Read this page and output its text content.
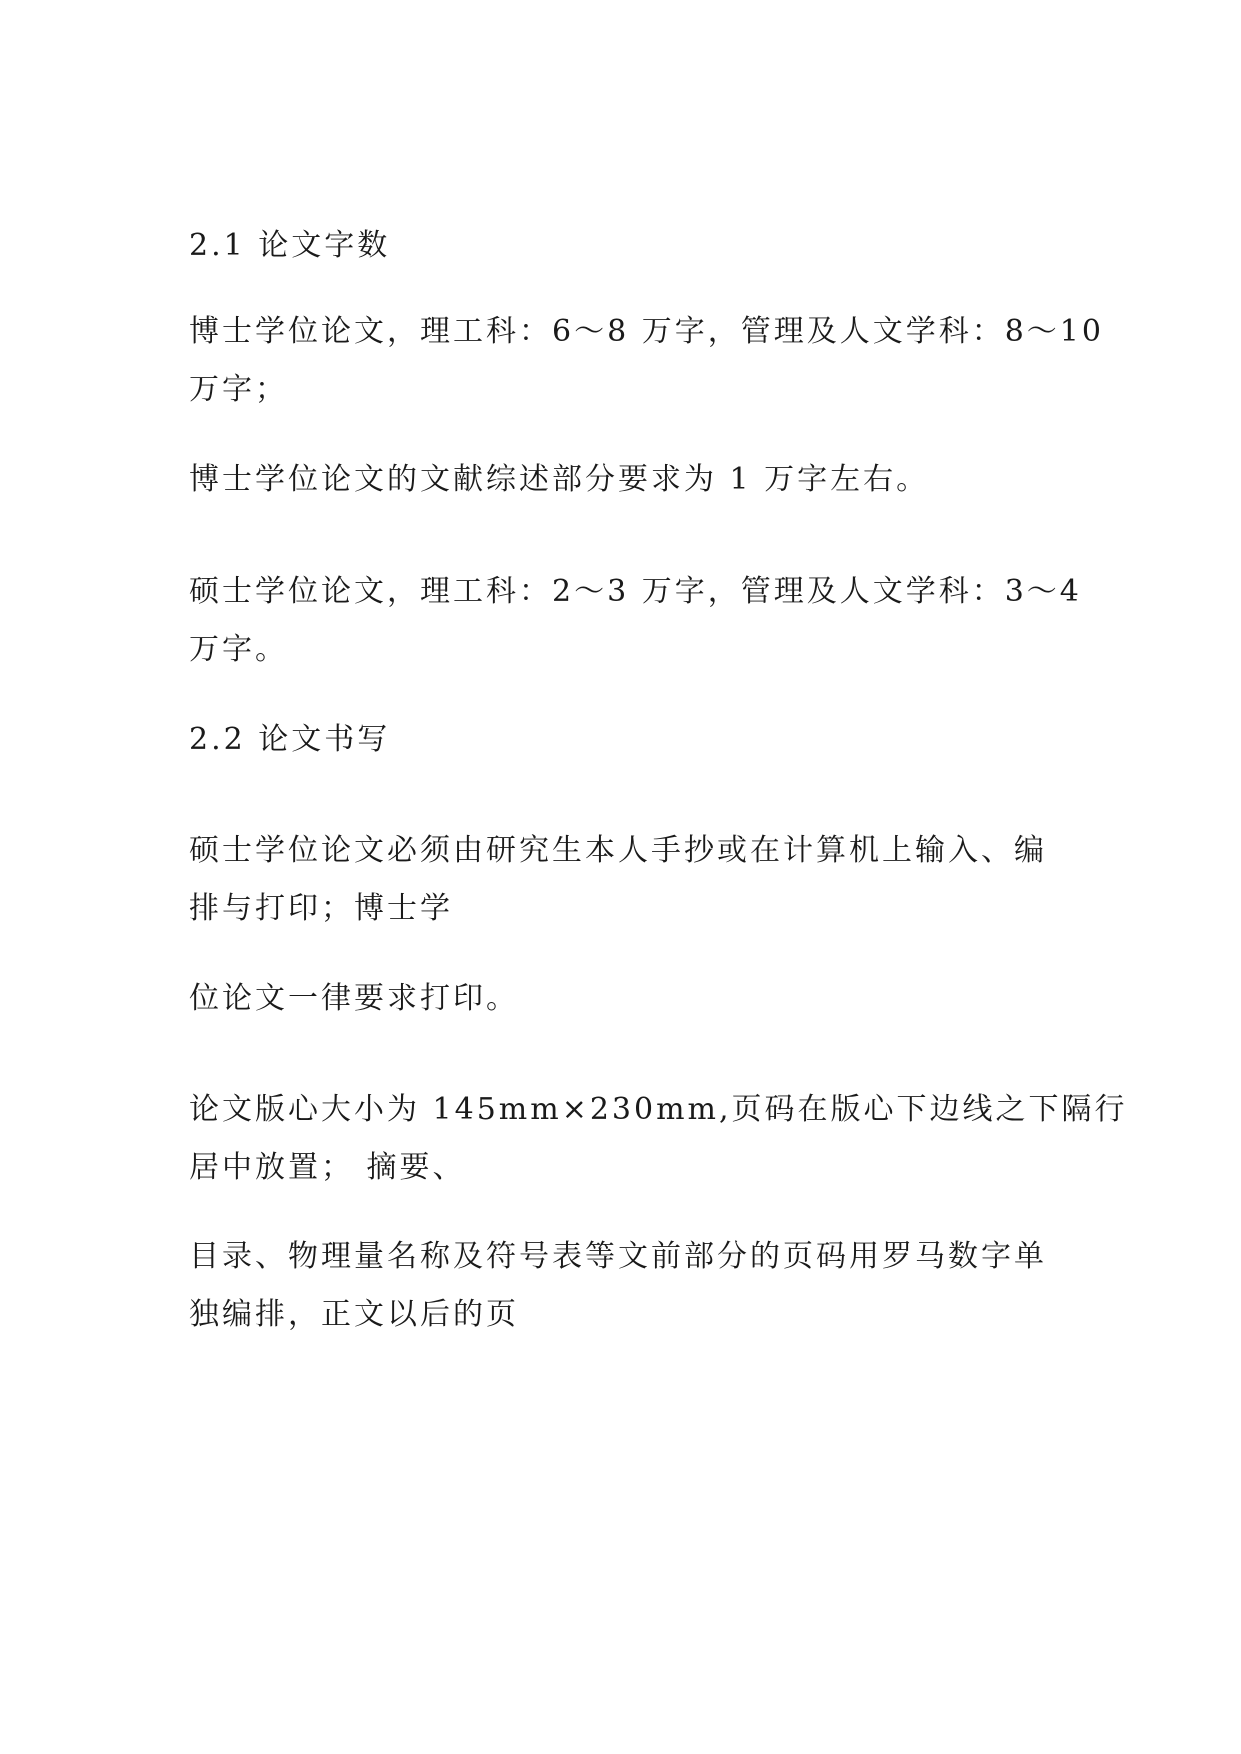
2.1 论文字数
博士学位论文，理工科：6～8 万字，管理及人文学科：8～10
万字；
博士学位论文的文献综述部分要求为 1 万字左右。
硕士学位论文，理工科：2～3 万字，管理及人文学科：3～4
万字。
2.2 论文书写
硕士学位论文必须由研究生本人手抄或在计算机上输入、编
排与打印；博士学
位论文一律要求打印。
论文版心大小为 145mm×230mm,页码在版心下边线之下隔行
居中放置； 摘要、
目录、物理量名称及符号表等文前部分的页码用罗马数字单
独编排，正文以后的页
